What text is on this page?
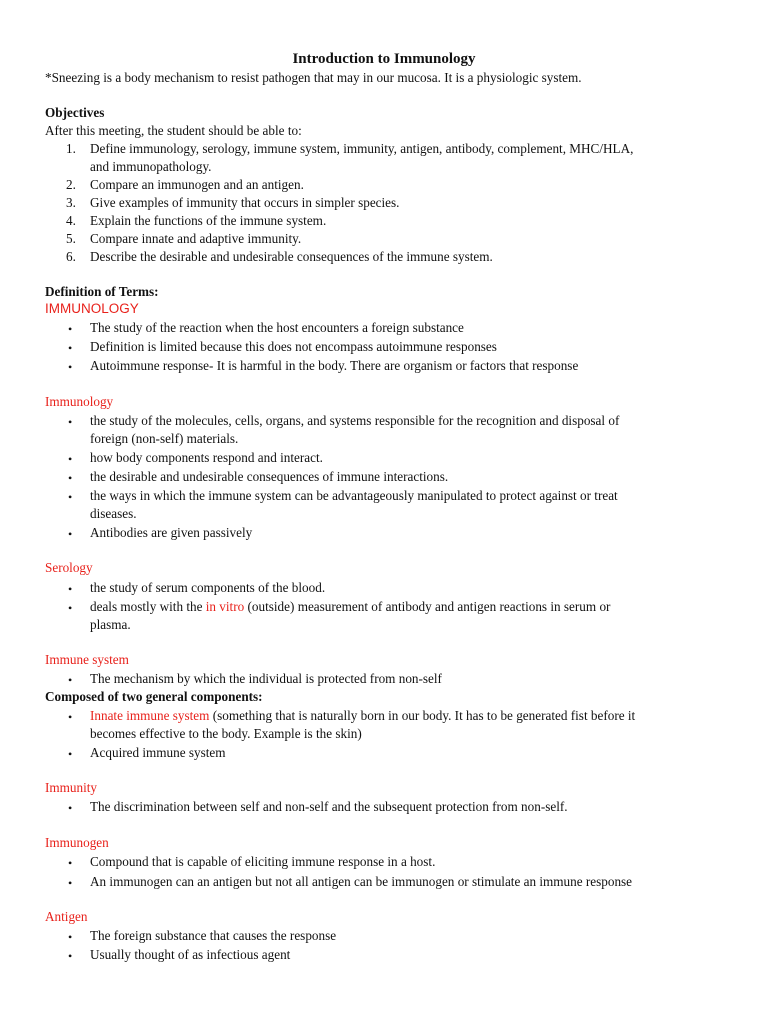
Introduction to Immunology
*Sneezing is a body mechanism to resist pathogen that may in our mucosa. It is a physiologic system.
Objectives
After this meeting, the student should be able to:
1. Define immunology, serology, immune system, immunity, antigen, antibody, complement, MHC/HLA,
and immunopathology.
2. Compare an immunogen and an antigen.
3. Give examples of immunity that occurs in simpler species.
4. Explain the functions of the immune system.
5. Compare innate and adaptive immunity.
6. Describe the desirable and undesirable consequences of the immune system.
Definition of Terms:
IMMUNOLOGY
• The study of the reaction when the host encounters a foreign substance
• Definition is limited because this does not encompass autoimmune responses
• Autoimmune response- It is harmful in the body. There are organism or factors that response
Immunology
• the study of the molecules, cells, organs, and systems responsible for the recognition and disposal of
foreign (non-self) materials.
• how body components respond and interact.
• the desirable and undesirable consequences of immune interactions.
• the ways in which the immune system can be advantageously manipulated to protect against or treat
diseases.
• Antibodies are given passively
Serology
• the study of serum components of the blood.
• deals mostly with the in vitro (outside) measurement of antibody and antigen reactions in serum or
plasma.
Immune system
• The mechanism by which the individual is protected from non-self
Composed of two general components:
• Innate immune system (something that is naturally born in our body. It has to be generated fist before it
becomes effective to the body. Example is the skin)
• Acquired immune system
Immunity
• The discrimination between self and non-self and the subsequent protection from non-self.
Immunogen
• Compound that is capable of eliciting immune response in a host.
• An immunogen can an antigen but not all antigen can be immunogen or stimulate an immune response
Antigen
• The foreign substance that causes the response
• Usually thought of as infectious agent
